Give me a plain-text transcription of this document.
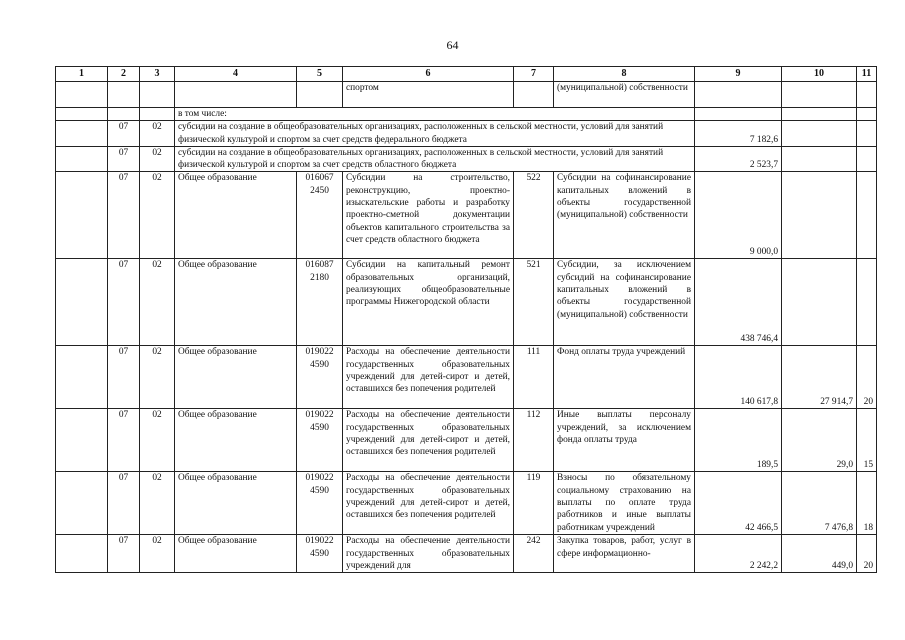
64
1	2	3	4	5	6	7	8	9	10	11
					спортом		(муниципальной) собственности			
			в том числе:							
	07	02	субсидии на создание в общеобразовательных организациях, расположенных в сельской местности, условий для занятий физической культурой и спортом за счет средств федерального бюджета					7 182,6		
	07	02	субсидии на создание в общеобразовательных организациях, расположенных в сельской местности, условий для занятий физической культурой и спортом за счет средств областного бюджета					2 523,7		
	07	02	Общее образование	016067 2450	Субсидии на строительство, реконструкцию, проектно-изыскательские работы и разработку проектно-сметной документации объектов капитального строительства за счет средств областного бюджета	522	Субсидии на софинансирование капитальных вложений в объекты государственной (муниципальной) собственности	9 000,0		
	07	02	Общее образование	016087 2180	Субсидии на капитальный ремонт образовательных организаций, реализующих общеобразовательные программы Нижегородской области	521	Субсидии, за исключением субсидий на софинансирование капитальных вложений в объекты государственной (муниципальной) собственности	438 746,4		
	07	02	Общее образование	019022 4590	Расходы на обеспечение деятельности государственных образовательных учреждений для детей-сирот и детей, оставшихся без попечения родителей	111	Фонд оплаты труда учреждений	140 617,8	27 914,7	20
	07	02	Общее образование	019022 4590	Расходы на обеспечение деятельности государственных образовательных учреждений для детей-сирот и детей, оставшихся без попечения родителей	112	Иные выплаты персоналу учреждений, за исключением фонда оплаты труда	189,5	29,0	15
	07	02	Общее образование	019022 4590	Расходы на обеспечение деятельности государственных образовательных учреждений для детей-сирот и детей, оставшихся без попечения родителей	119	Взносы по обязательному социальному страхованию на выплаты по оплате труда работников и иные выплаты работникам учреждений	42 466,5	7 476,8	18
	07	02	Общее образование	019022 4590	Расходы на обеспечение деятельности государственных образовательных учреждений для	242	Закупка товаров, работ, услуг в сфере информационно-	2 242,2	449,0	20
